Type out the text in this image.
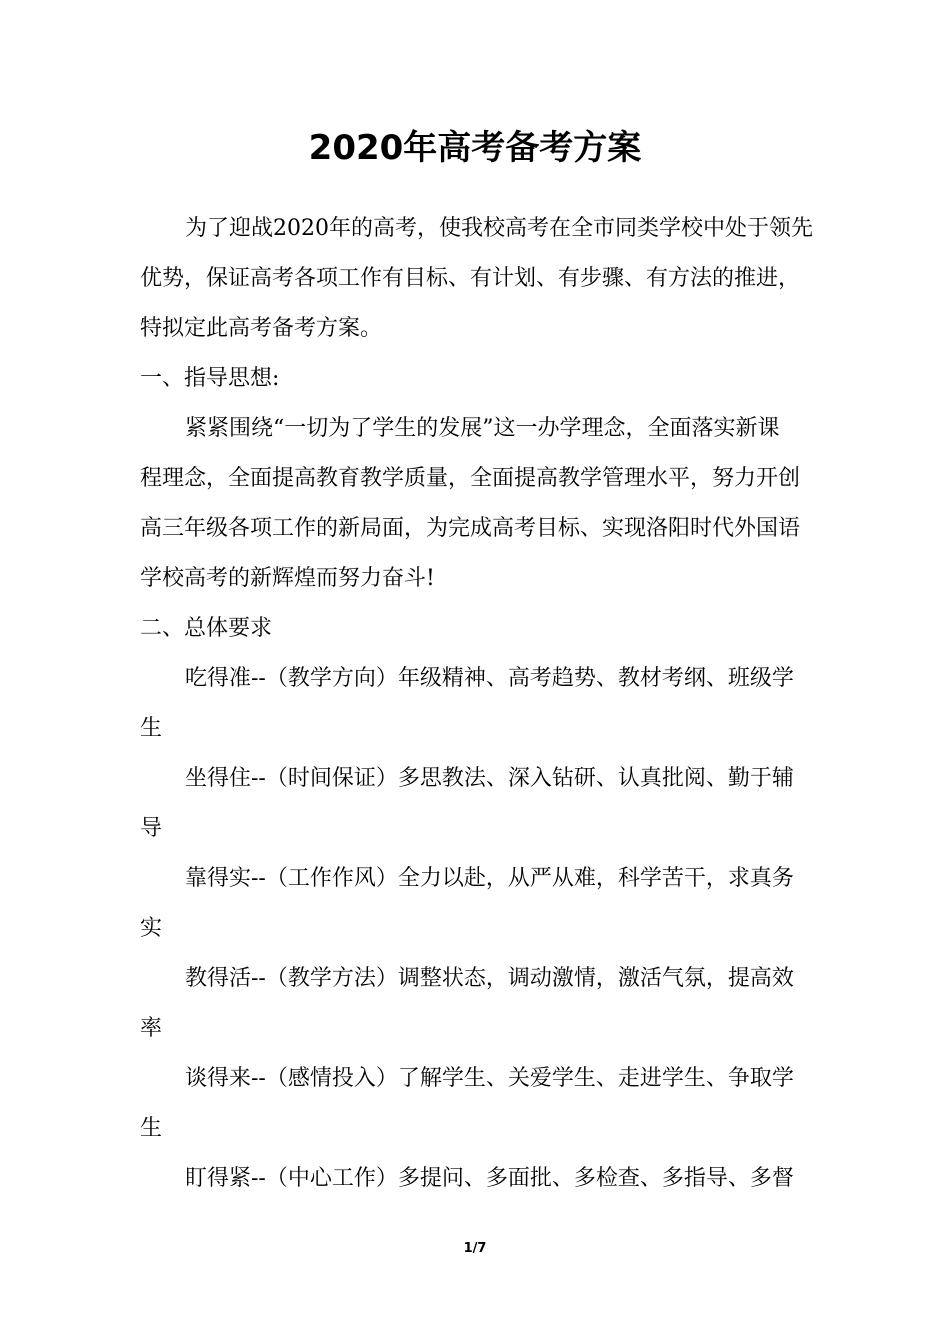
2020年高考备考方案
为了迎战2020年的高考，使我校高考在全市同类学校中处于领先
优势，保证高考各项工作有目标、有计划、有步骤、有方法的推进，
特拟定此高考备考方案。
一、指导思想:
紧紧围绕“一切为了学生的发展”这一办学理念，全面落实新课
程理念，全面提高教育教学质量，全面提高教学管理水平，努力开创
高三年级各项工作的新局面，为完成高考目标、实现洛阳时代外国语
学校高考的新辉煌而努力奋斗!
二、总体要求
吃得准--（教学方向）年级精神、高考趋势、教材考纲、班级学
生
坐得住--（时间保证）多思教法、深入钻研、认真批阅、勤于辅
导
靠得实--（工作作风）全力以赴，从严从难，科学苦干，求真务
实
教得活--（教学方法）调整状态，调动激情，激活气氛，提高效
率
谈得来--（感情投入）了解学生、关爱学生、走进学生、争取学
生
盯得紧--（中心工作）多提问、多面批、多检查、多指导、多督
1/7
